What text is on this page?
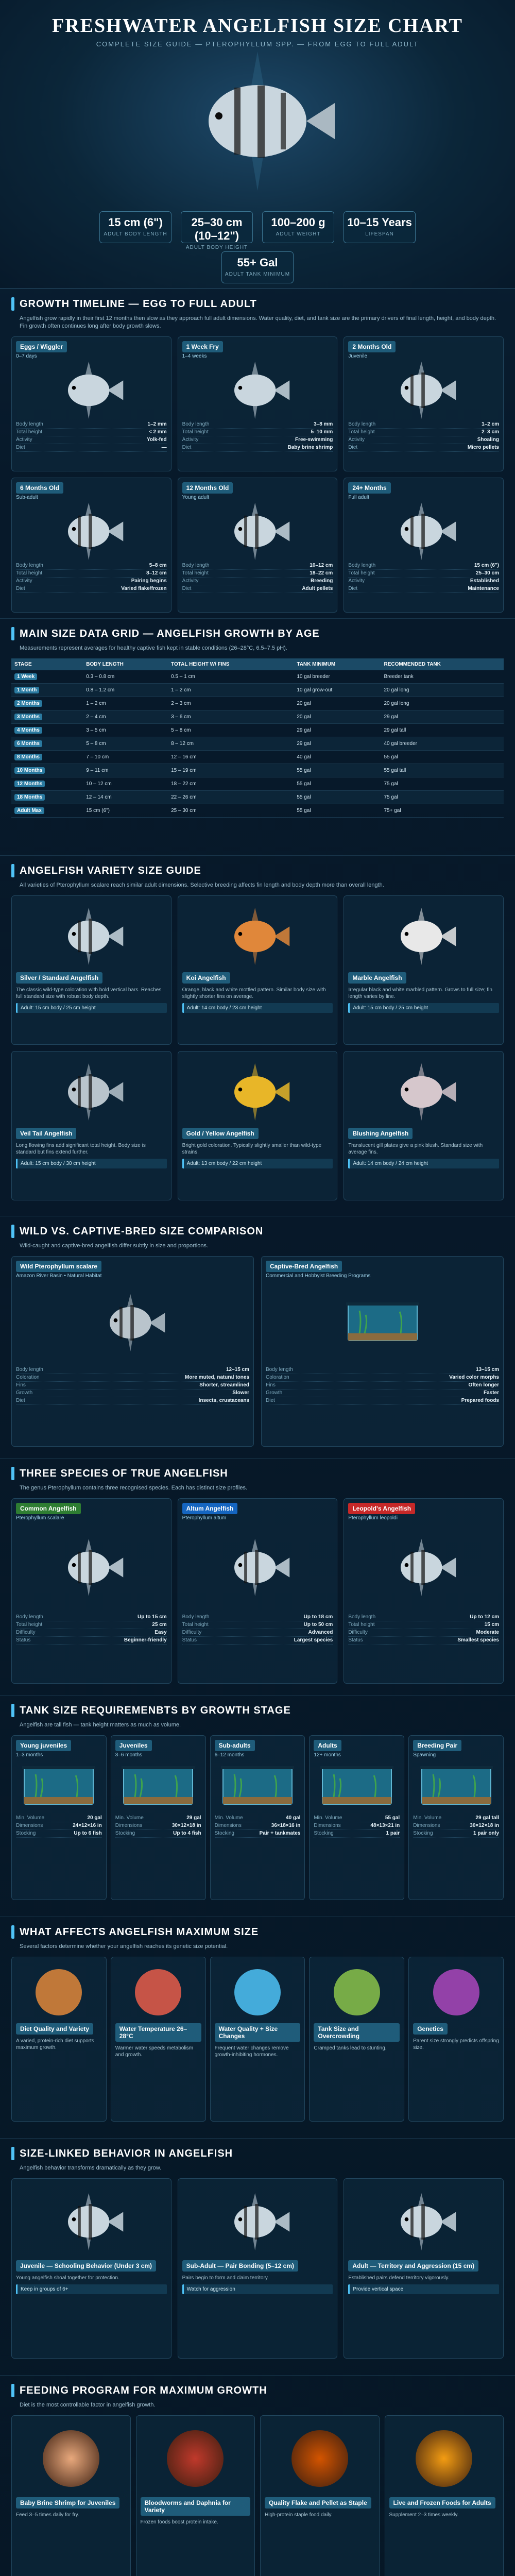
FRESHWATER ANGELFISH SIZE CHART
COMPLETE SIZE GUIDE — PTEROPHYLLUM SPP. — FROM EGG TO FULL ADULT
15 cm (6")
ADULT BODY LENGTH
25–30 cm (10–12")
ADULT BODY HEIGHT
100–200 g
ADULT WEIGHT
10–15 Years
LIFESPAN
55+ Gal
ADULT TANK MINIMUM
GROWTH TIMELINE — EGG TO FULL ADULT
Angelfish grow rapidly in their first 12 months then slow as they approach full adult dimensions. Water quality, diet, and tank size are the primary drivers of final length, height, and body depth. Fin growth often continues long after body growth slows.
Eggs / Wiggler
0–7 days
Body length	1–2 mm
Total height	< 2 mm
Activity	Yolk-fed
Diet	—
1 Week Fry
1–4 weeks
Body length	3–8 mm
Total height	5–10 mm
Activity	Free-swimming
Diet	Baby brine shrimp
2 Months Old
Juvenile
Body length	1–2 cm
Total height	2–3 cm
Activity	Shoaling
Diet	Micro pellets
6 Months Old
Sub-adult
Body length	5–8 cm
Total height	8–12 cm
Activity	Pairing begins
Diet	Varied flake/frozen
12 Months Old
Young adult
Body length	10–12 cm
Total height	18–22 cm
Activity	Breeding
Diet	Adult pellets
24+ Months
Full adult
Body length	15 cm (6")
Total height	25–30 cm
Activity	Established
Diet	Maintenance
MAIN SIZE DATA GRID — ANGELFISH GROWTH BY AGE
Measurements represent averages for healthy captive fish kept in stable conditions (26–28°C, 6.5–7.5 pH).
STAGE	BODY LENGTH	TOTAL HEIGHT W/ FINS	TANK MINIMUM	RECOMMENDED TANK
1 Week	0.3 – 0.8 cm	0.5 – 1 cm	10 gal breeder	Breeder tank
1 Month	0.8 – 1.2 cm	1 – 2 cm	10 gal grow-out	20 gal long
2 Months	1 – 2 cm	2 – 3 cm	20 gal	20 gal long
3 Months	2 – 4 cm	3 – 6 cm	20 gal	29 gal
4 Months	3 – 5 cm	5 – 8 cm	29 gal	29 gal tall
6 Months	5 – 8 cm	8 – 12 cm	29 gal	40 gal breeder
8 Months	7 – 10 cm	12 – 16 cm	40 gal	55 gal
10 Months	9 – 11 cm	15 – 19 cm	55 gal	55 gal tall
12 Months	10 – 12 cm	18 – 22 cm	55 gal	75 gal
18 Months	12 – 14 cm	22 – 26 cm	55 gal	75 gal
Adult Max	15 cm (6")	25 – 30 cm	55 gal	75+ gal
ANGELFISH VARIETY SIZE GUIDE
All varieties of Pterophyllum scalare reach similar adult dimensions. Selective breeding affects fin length and body depth more than overall length.
Silver / Standard Angelfish

The classic wild-type coloration with bold vertical bars. Reaches full standard size with robust body depth.

Adult: 15 cm body / 25 cm height
Koi Angelfish

Orange, black and white mottled pattern. Similar body size with slightly shorter fins on average.

Adult: 14 cm body / 23 cm height
Marble Angelfish

Irregular black and white marbled pattern. Grows to full size; fin length varies by line.

Adult: 15 cm body / 25 cm height
Veil Tail Angelfish

Long flowing fins add significant total height. Body size is standard but fins extend further.

Adult: 15 cm body / 30 cm height
Gold / Yellow Angelfish

Bright gold coloration. Typically slightly smaller than wild-type strains.

Adult: 13 cm body / 22 cm height
Blushing Angelfish

Translucent gill plates give a pink blush. Standard size with average fins.

Adult: 14 cm body / 24 cm height
WILD VS. CAPTIVE-BRED SIZE COMPARISON
Wild-caught and captive-bred angelfish differ subtly in size and proportions.
Wild Pterophyllum scalare
Amazon River Basin • Natural Habitat
Body length	12–15 cm
Coloration	More muted, natural tones
Fins	Shorter, streamlined
Growth	Slower
Diet	Insects, crustaceans
Captive-Bred Angelfish
Commercial and Hobbyist Breeding Programs
Body length	13–15 cm
Coloration	Varied color morphs
Fins	Often longer
Growth	Faster
Diet	Prepared foods
THREE SPECIES OF TRUE ANGELFISH
The genus Pterophyllum contains three recognised species. Each has distinct size profiles.
Common Angelfish
Pterophyllum scalare
Body length	Up to 15 cm
Total height	25 cm
Difficulty	Easy
Status	Beginner-friendly
Altum Angelfish
Pterophyllum altum
Body length	Up to 18 cm
Total height	Up to 50 cm
Difficulty	Advanced
Status	Largest species
Leopold's Angelfish
Pterophyllum leopoldi
Body length	Up to 12 cm
Total height	15 cm
Difficulty	Moderate
Status	Smallest species
TANK SIZE REQUIREMENBTS BY GROWTH STAGE
Angelfish are tall fish — tank height matters as much as volume.
Young juveniles
1–3 months
Min. Volume	20 gal
Dimensions	24×12×16 in
Stocking	Up to 6 fish
Juveniles
3–6 months
Min. Volume	29 gal
Dimensions	30×12×18 in
Stocking	Up to 4 fish
Sub-adults
6–12 months
Min. Volume	40 gal
Dimensions	36×18×16 in
Stocking	Pair + tankmates
Adults
12+ months
Min. Volume	55 gal
Dimensions	48×13×21 in
Stocking	1 pair
Breeding Pair
Spawning
Min. Volume	29 gal tall
Dimensions	30×12×18 in
Stocking	1 pair only
WHAT AFFECTS ANGELFISH MAXIMUM SIZE
Several factors determine whether your angelfish reaches its genetic size potential.
Diet Quality and Variety

A varied, protein-rich diet supports maximum growth.

Water Temperature 26–28°C

Warmer water speeds metabolism and growth.

Water Quality + Size Changes

Frequent water changes remove growth-inhibiting hormones.

Tank Size and Overcrowding

Cramped tanks lead to stunting.

Genetics

Parent size strongly predicts offspring size.

SIZE-LINKED BEHAVIOR IN ANGELFISH
Angelfish behavior transforms dramatically as they grow.
Juvenile — Schooling Behavior (Under 3 cm)

Young angelfish shoal together for protection.

Keep in groups of 6+
Sub-Adult — Pair Bonding (5–12 cm)

Pairs begin to form and claim territory.

Watch for aggression
Adult — Territory and Aggression (15 cm)

Established pairs defend territory vigorously.

Provide vertical space
FEEDING PROGRAM FOR MAXIMUM GROWTH
Diet is the most controllable factor in angelfish growth.
Baby Brine Shrimp for Juveniles

Feed 3–5 times daily for fry.

Bloodworms and Daphnia for Variety

Frozen foods boost protein intake.

Quality Flake and Pellet as Staple

High-protein staple food daily.

Live and Frozen Foods for Adults

Supplement 2–3 times weekly.
